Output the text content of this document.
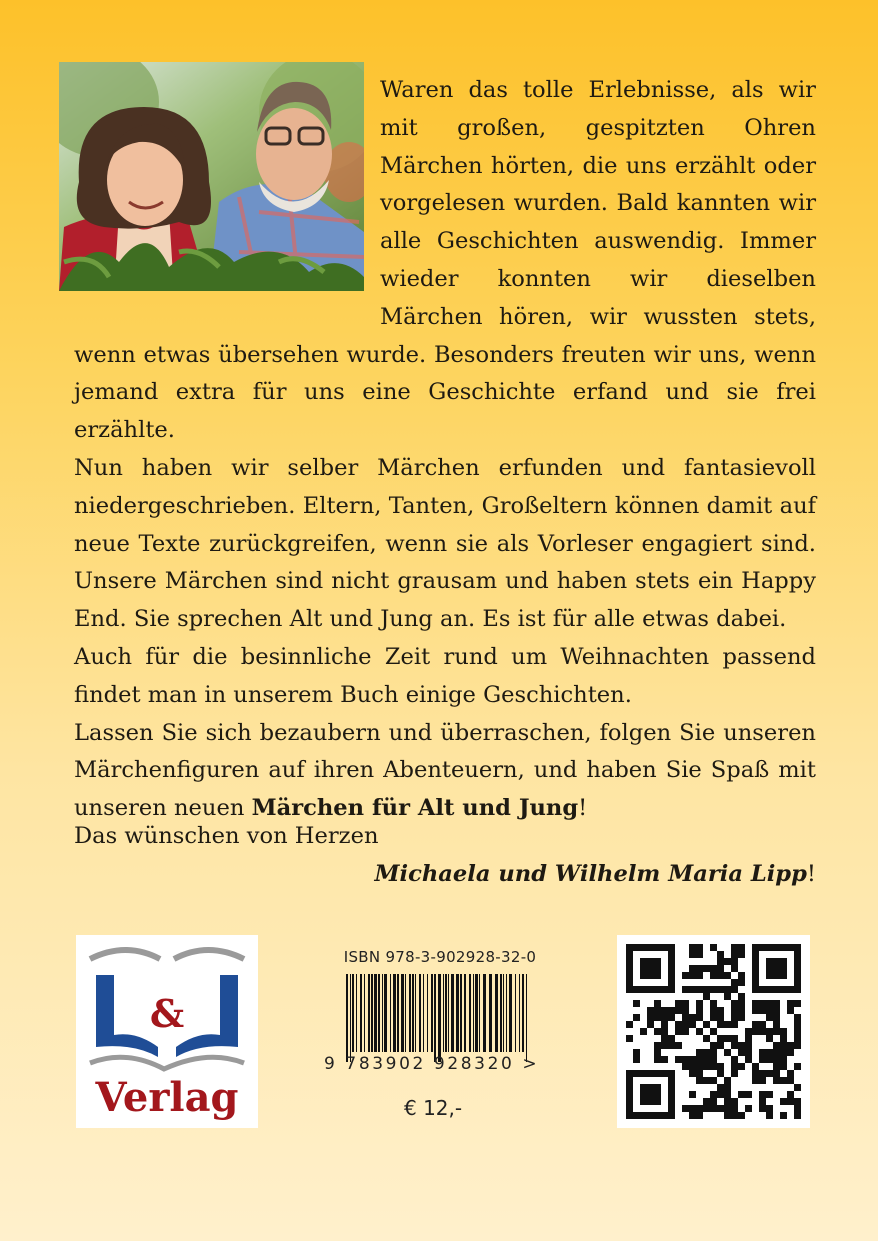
Waren das tolle Erlebnisse, als wir mit großen, gespitzten Ohren Märchen hörten, die uns erzählt oder vorgelesen wurden. Bald kannten wir alle Geschichten auswendig. Immer wieder konnten wir dieselben Märchen hören, wir wussten stets, wenn etwas übersehen wurde. Besonders freuten wir uns, wenn jemand extra für uns eine Geschichte erfand und sie frei erzählte.

Nun haben wir selber Märchen erfunden und fantasievoll niedergeschrieben. Eltern, Tanten, Großeltern können damit auf neue Texte zurückgreifen, wenn sie als Vorleser engagiert sind. Unsere Märchen sind nicht grausam und haben stets ein Happy End. Sie sprechen Alt und Jung an. Es ist für alle etwas dabei.

Auch für die besinnliche Zeit rund um Weihnachten passend findet man in unserem Buch einige Geschichten.

Lassen Sie sich bezaubern und überraschen, folgen Sie unseren Märchenfiguren auf ihren Abenteuern, und haben Sie Spaß mit unseren neuen Märchen für Alt und Jung!

Das wünschen von Herzen
Michaela und Wilhelm Maria Lipp!
&
Verlag
ISBN 978-3-902928-32-0
9 783902 928320 >
€ 12,-
